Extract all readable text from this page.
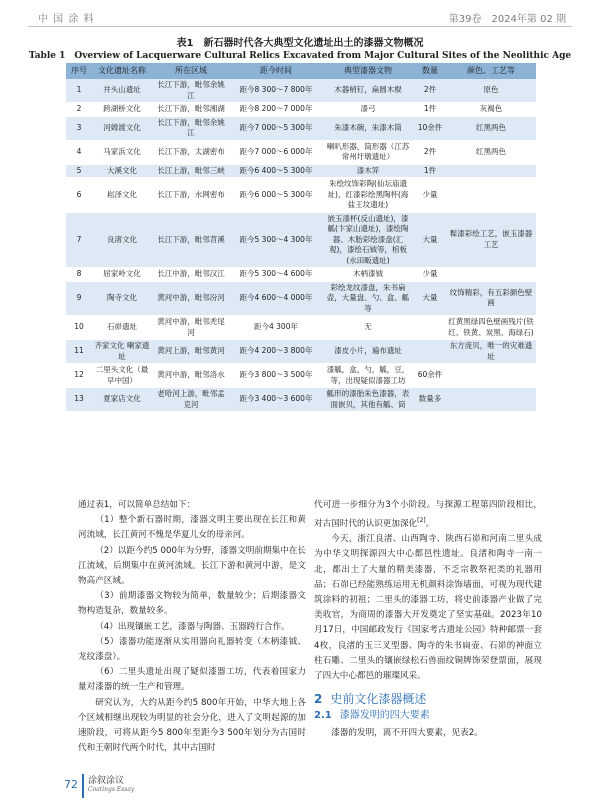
中 国 涂 料	第39卷　2024年第 02 期
表1　新石器时代各大典型文化遗址出土的漆器文物概况
Table 1　Overview of Lacquerware Cultural Relics Excavated from Major Cultural Sites of the Neolithic Age
序号	文化遗址名称	所在区域	距今时间	典型漆器文物	数量	颜色、工艺等
1	井头山遗址	长江下游，毗邻余姚江	距今8 300～7 800年	木器梢钉，扁圆木棍	2件	原色
2	跨湖桥文化	长江下游，毗邻湘湖	距今8 200～7 000年	漆弓	1件	灰褐色
3	河姆渡文化	长江下游，毗邻余姚江	距今7 000～5 300年	朱漆木碗，朱漆木筒	10余件	红黑两色
4	马家浜文化	长江下游，太湖密布	距今7 000～6 000年	喇叭形器，筒形器（江苏常州圩墩遗址）	2件	红黑两色
5	大溪文化	长江上游，毗邻三峡	距今6 400～5 300年	漆木笄	1件	
6	崧泽文化	长江下游，水网密布	距今6 000～5 300年	朱绘纹饰彩陶(仙坛庙遗址)，红漆彩绘黑陶杯(海盐王坟遗址)	少量	
7	良渚文化	长江下游，毗邻苕溪	距今5 300～4 300年	嵌玉漆杯(反山遗址)，漆觚(卞家山遗址)，漆绘陶器、木胎彩绘漆盘(汇观)，漆绘石钺等，棺板(水田畈遗址)	大量	髹漆彩绘工艺，嵌玉漆器工艺
8	屈家岭文化	长江中游，毗邻汉江	距今5 300～4 600年	木柄漆钺	少量	
9	陶寺文化	黄河中游，毗邻汾河	距今4 600～4 000年	彩绘龙纹漆盘，朱书扁壶，大量盘、勺、盒、觚等	大量	纹饰精彩，有五彩颜色壁画
10	石峁遗址	黄河中游，毗邻秃尾河	距今4 300年	无		红黄黑绿四色壁画残片(铁红、铁黄、炭黑、海绿石)
11	齐家文化 喇家遗址	黄河上游，毗邻黄河	距今4 200～3 800年	漆皮小片，遍布遗址		东方庞贝，唯一的灾难遗址
12	二里头文化（最早中国）	黄河中游，毗邻洛水	距今3 800～3 500年	漆觚，盒，勺，觚，豆，等，出现疑似漆器工坊	60余件	
13	夏家店文化	老哈河上游，毗邻孟克河	距今3 400～3 600年	觚形的漆胎朱色漆器，表面嵌贝，其他有觚、筒	数量多	

通过表1，可以简单总结如下：

（1）整个新石器时期，漆器文明主要出现在长江和黄河流域，长江黄河不愧是华夏儿女的母亲河。

（2）以距今约5 000年为分野，漆器文明前期集中在长江流域，后期集中在黄河流域。长江下游和黄河中游，是文物高产区域。

（3）前期漆器文物较为简单，数量较少；后期漆器文物构造复杂，数量较多。

（4）出现镶嵌工艺，漆器与陶器、玉器跨行合作。

（5）漆器功能逐渐从实用器向礼器转变（木柄漆钺、龙纹漆盘）。

（6）二里头遗址出现了疑似漆器工坊，代表着国家力量对漆器的统一生产和管理。

研究认为，大约从距今约5 800年开始，中华大地上各个区域相继出现较为明显的社会分化，进入了文明起源的加速阶段，可将从距今5 800年至距今3 500年划分为古国时代和王朝时代两个时代，其中古国时

代可进一步细分为3个小阶段。与探源工程第四阶段相比，对古国时代的认识更加深化[2]。

今天，浙江良渚、山西陶寺、陕西石峁和河南二里头成为中华文明探源四大中心都邑性遗址。良渚和陶寺一南一北，都出土了大量的精美漆器，不乏宗教祭祀类的礼器用品；石峁已经能熟练运用无机颜料涂饰墙面，可视为现代建筑涂料的初祖；二里头的漆器工坊，将史前漆器产业做了完美收官，为商周的漆器大开发奠定了坚实基础。2023年10月17日，中国邮政发行《国家考古遗址公园》特种邮票一套4枚，良渚的玉三叉型器、陶寺的朱书扁壶、石峁的神面立柱石雕、二里头的镶嵌绿松石兽面纹铜牌饰荣登票面，展现了四大中心都邑的璀璨风采。

2 史前文化漆器概述
2.1 漆器发明的四大要素

漆器的发明，离不开四大要素，见表2。

72 涂叙涂议
Coatings Essay
